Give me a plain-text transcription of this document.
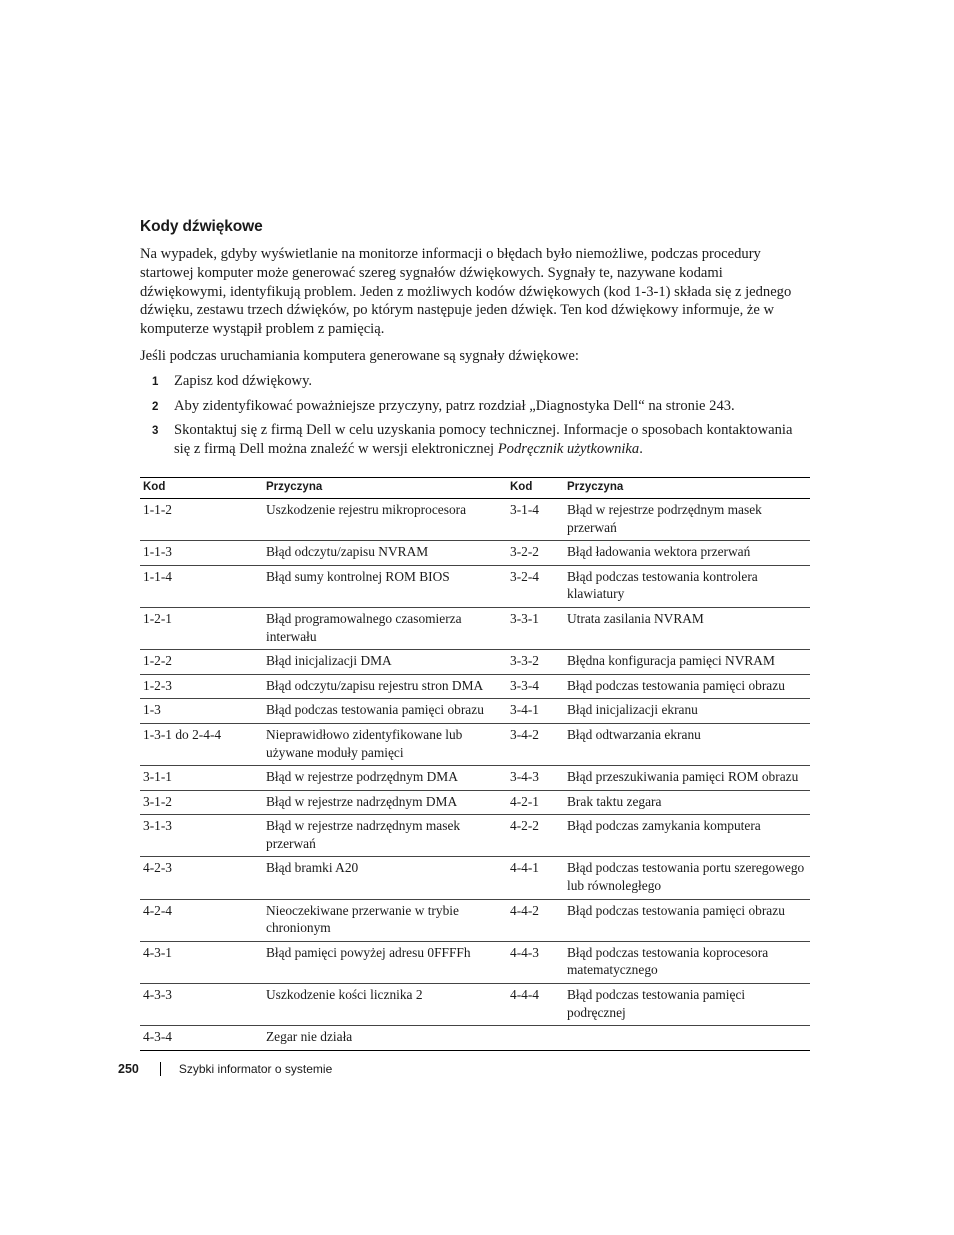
Kody dźwiękowe

Na wypadek, gdyby wyświetlanie na monitorze informacji o błędach było niemożliwe, podczas procedury startowej komputer może generować szereg sygnałów dźwiękowych. Sygnały te, nazywane kodami dźwiękowymi, identyfikują problem. Jeden z możliwych kodów dźwiękowych (kod 1-3-1) składa się z jednego dźwięku, zestawu trzech dźwięków, po którym następuje jeden dźwięk. Ten kod dźwiękowy informuje, że w komputerze wystąpił problem z pamięcią.

Jeśli podczas uruchamiania komputera generowane są sygnały dźwiękowe:

1 Zapisz kod dźwiękowy.
2 Aby zidentyfikować poważniejsze przyczyny, patrz rozdział „Diagnostyka Dell“ na stronie 243.
3 Skontaktuj się z firmą Dell w celu uzyskania pomocy technicznej. Informacje o sposobach kontaktowania się z firmą Dell można znaleźć w wersji elektronicznej Podręcznik użytkownika.
Kod	Przyczyna	Kod	Przyczyna
1-1-2	Uszkodzenie rejestru mikroprocesora	3-1-4	Błąd w rejestrze podrzędnym masek przerwań
1-1-3	Błąd odczytu/zapisu NVRAM	3-2-2	Błąd ładowania wektora przerwań
1-1-4	Błąd sumy kontrolnej ROM BIOS	3-2-4	Błąd podczas testowania kontrolera klawiatury
1-2-1	Błąd programowalnego czasomierza interwału	3-3-1	Utrata zasilania NVRAM
1-2-2	Błąd inicjalizacji DMA	3-3-2	Błędna konfiguracja pamięci NVRAM
1-2-3	Błąd odczytu/zapisu rejestru stron DMA	3-3-4	Błąd podczas testowania pamięci obrazu
1-3	Błąd podczas testowania pamięci obrazu	3-4-1	Błąd inicjalizacji ekranu
1-3-1 do 2-4-4	Nieprawidłowo zidentyfikowane lub używane moduły pamięci	3-4-2	Błąd odtwarzania ekranu
3-1-1	Błąd w rejestrze podrzędnym DMA	3-4-3	Błąd przeszukiwania pamięci ROM obrazu
3-1-2	Błąd w rejestrze nadrzędnym DMA	4-2-1	Brak taktu zegara
3-1-3	Błąd w rejestrze nadrzędnym masek przerwań	4-2-2	Błąd podczas zamykania komputera
4-2-3	Błąd bramki A20	4-4-1	Błąd podczas testowania portu szeregowego lub równoległego
4-2-4	Nieoczekiwane przerwanie w trybie chronionym	4-4-2	Błąd podczas testowania pamięci obrazu
4-3-1	Błąd pamięci powyżej adresu 0FFFFh	4-4-3	Błąd podczas testowania koprocesora matematycznego
4-3-3	Uszkodzenie kości licznika 2	4-4-4	Błąd podczas testowania pamięci podręcznej
4-3-4	Zegar nie działa		
250	Szybki informator o systemie
